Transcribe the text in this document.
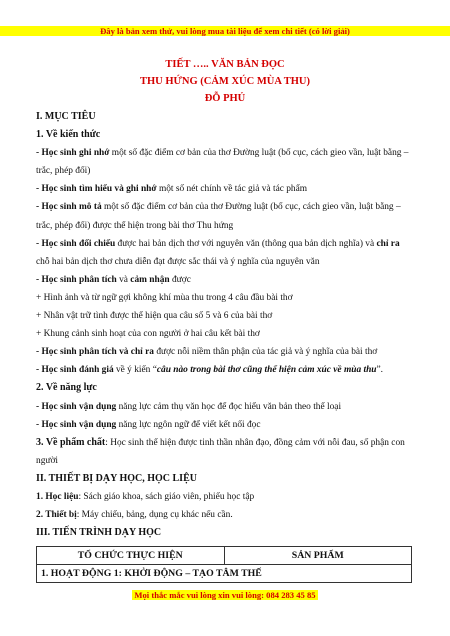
Đây là bản xem thử, vui lòng mua tài liệu để xem chi tiết (có lời giải)
TIẾT ….. VĂN BẢN ĐỌC
THU HỨNG (CẢM XÚC MÙA THU)
ĐỖ PHỦ

I. MỤC TIÊU

1. Về kiến thức

- Học sinh ghi nhớ một số đặc điểm cơ bản của thơ Đường luật (bố cục, cách gieo vần, luật bằng – trắc, phép đối)

- Học sinh tìm hiểu và ghi nhớ một số nét chính về tác giả và tác phẩm

- Học sinh mô tả một số đặc điểm cơ bản của thơ Đường luật (bố cục, cách gieo vần, luật bằng – trắc, phép đối) được thể hiện trong bài thơ Thu hứng

- Học sinh đối chiếu được hai bản dịch thơ với nguyên văn (thông qua bản dịch nghĩa) và chỉ ra chỗ hai bản dịch thơ chưa diễn đạt được sắc thái và ý nghĩa của nguyên văn

- Học sinh phân tích và cảm nhận được

+ Hình ảnh và từ ngữ gợi không khí mùa thu trong 4 câu đầu bài thơ

+ Nhân vật trữ tình được thể hiện qua câu số 5 và 6 của bài thơ

+ Khung cảnh sinh hoạt của con người ở hai câu kết bài thơ

- Học sinh phân tích và chỉ ra được nỗi niềm thân phận của tác giả và ý nghĩa của bài thơ

- Học sinh đánh giá về ý kiến “câu nào trong bài thơ cũng thể hiện cảm xúc về mùa thu”.

2. Về năng lực

- Học sinh vận dụng năng lực cảm thụ văn học để đọc hiểu văn bản theo thể loại

- Học sinh vận dụng năng lực ngôn ngữ để viết kết nối đọc

3. Về phẩm chất: Học sinh thể hiện được tinh thần nhân đạo, đồng cảm với nỗi đau, số phận con người

II. THIẾT BỊ DẠY HỌC, HỌC LIỆU

1. Học liệu: Sách giáo khoa, sách giáo viên, phiếu học tập

2. Thiết bị: Máy chiếu, bảng, dụng cụ khác nếu cần.

III. TIẾN TRÌNH DẠY HỌC

TỔ CHỨC THỰC HIỆN	SẢN PHẨM
1. HOẠT ĐỘNG 1: KHỞI ĐỘNG – TẠO TÂM THẾ
Mọi thắc mắc vui lòng xin vui lòng: 084 283 45 85
